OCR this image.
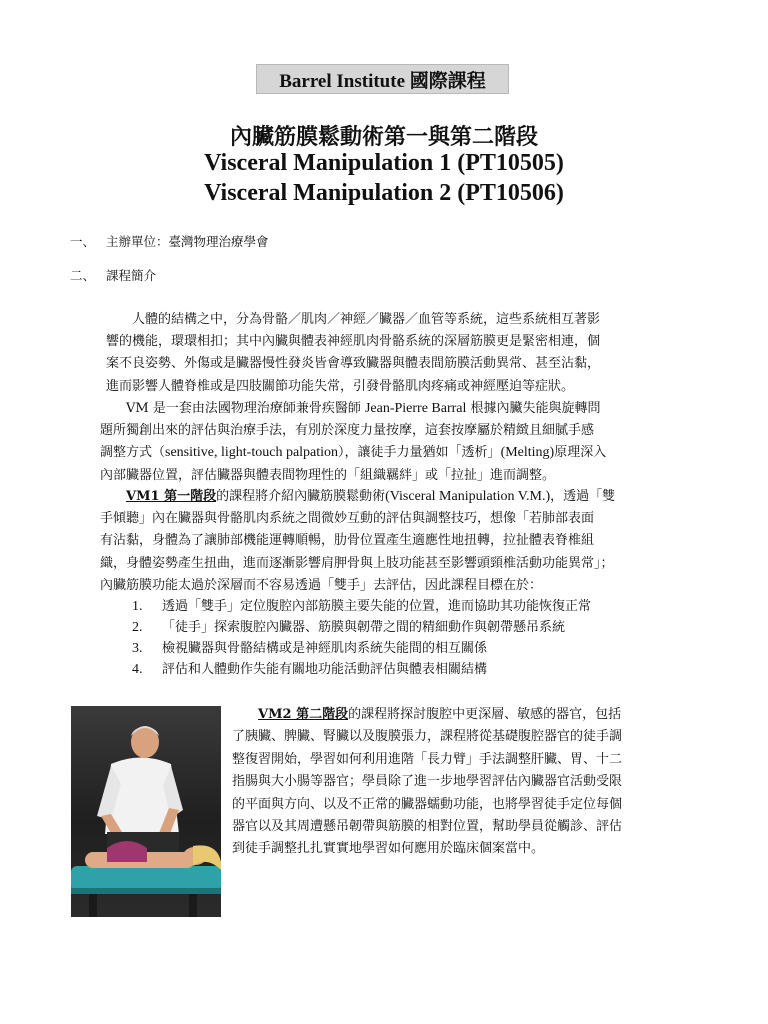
Barrel Institute 國際課程
內臟筋膜鬆動術第一與第二階段
Visceral Manipulation 1 (PT10505)
Visceral Manipulation 2 (PT10506)
一、 主辦單位：臺灣物理治療學會
二、 課程簡介
　　人體的結構之中，分為骨骼／肌肉／神經／臟器／血管等系統，這些系統相互著影
響的機能，環環相扣；其中內臟與體表神經肌肉骨骼系統的深層筋膜更是緊密相連，個
案不良姿勢、外傷或是臟器慢性發炎皆會導致臟器與體表間筋膜活動異常、甚至沾黏，
進而影響人體脊椎或是四肢關節功能失常，引發骨骼肌肉疼痛或神經壓迫等症狀。
　　VM 是一套由法國物理治療師兼骨疾醫師 Jean-Pierre Barral 根據內臟失能與旋轉問
題所獨創出來的評估與治療手法，有別於深度力量按摩，這套按摩屬於精緻且細膩手感
調整方式（sensitive, light-touch palpation），讓徒手力量猶如「透析」(Melting)原理深入
內部臟器位置，評估臟器與體表間物理性的「組織羈絆」或「拉扯」進而調整。
　　VM1 第一階段的課程將介紹內臟筋膜鬆動術(Visceral Manipulation V.M.)，透過「雙
手傾聽」內在臟器與骨骼肌肉系統之間微妙互動的評估與調整技巧，想像「若肺部表面
有沾黏，身體為了讓肺部機能運轉順暢，肋骨位置產生適應性地扭轉，拉扯體表脊椎組
織，身體姿勢產生扭曲，進而逐漸影響肩胛骨與上肢功能甚至影響頭頸椎活動功能異常」；
內臟筋膜功能太過於深層而不容易透過「雙手」去評估，因此課程目標在於：
1. 透過「雙手」定位腹腔內部筋膜主要失能的位置，進而協助其功能恢復正常
2. 「徒手」探索腹腔內臟器、筋膜與韌帶之間的精細動作與韌帶懸吊系統
3. 檢視臟器與骨骼結構或是神經肌肉系統失能間的相互關係
4. 評估和人體動作失能有關地功能活動評估與體表相關結構
　　VM2 第二階段的課程將探討腹腔中更深層、敏感的器官，包括
了胰臟、脾臟、腎臟以及腹膜張力，課程將從基礎腹腔器官的徒手調
整復習開始，學習如何利用進階「長力臂」手法調整肝臟、胃、十二
指腸與大小腸等器官；學員除了進一步地學習評估內臟器官活動受限
的平面與方向、以及不正常的臟器蠕動功能，也將學習徒手定位每個
器官以及其周遭懸吊韌帶與筋膜的相對位置，幫助學員從觸診、評估
到徒手調整扎扎實實地學習如何應用於臨床個案當中。
